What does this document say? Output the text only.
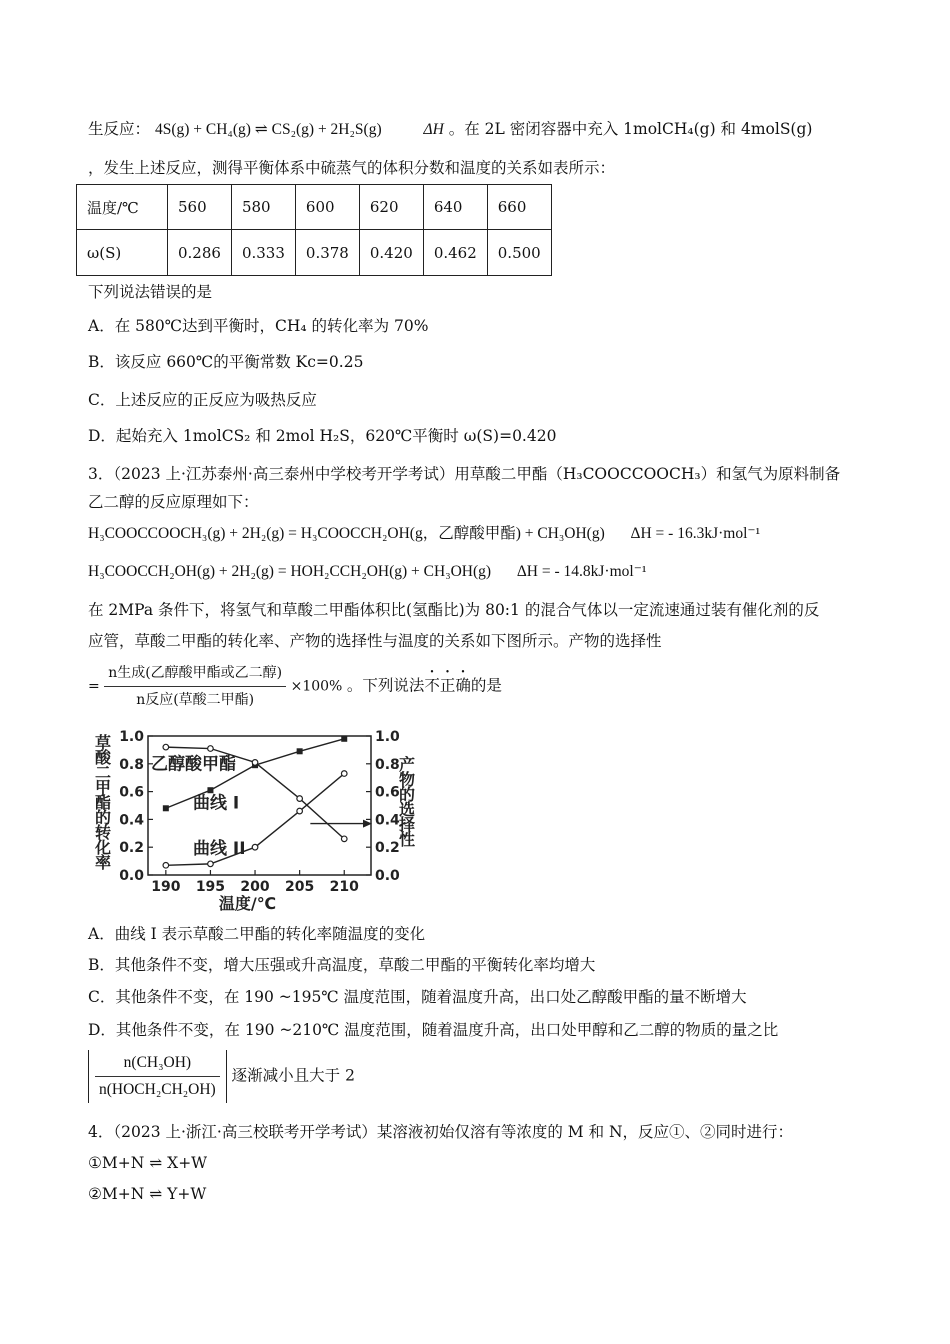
生反应： 4S(g) + CH₄(g) ⇌ CS₂(g) + 2H₂S(g)	ΔH 。在 2L 密闭容器中充入 1molCH₄(g) 和 4molS(g)
，发生上述反应，测得平衡体系中硫蒸气的体积分数和温度的关系如表所示：
温度/℃	560	580	600	620	640	660
ω(S)	0.286	0.333	0.378	0.420	0.462	0.500
下列说法错误的是
A．在 580℃达到平衡时，CH₄ 的转化率为 70%
B．该反应 660℃的平衡常数 Kc=0.25
C．上述反应的正反应为吸热反应
D．起始充入 1molCS₂ 和 2mol H₂S，620℃平衡时 ω(S)=0.420
3．（2023 上·江苏泰州·高三泰州中学校考开学考试）用草酸二甲酯（H₃COOCCOOCH₃）和氢气为原料制备
乙二醇的反应原理如下：
H₃COOCCOOCH₃(g) + 2H₂(g) = H₃COOCCH₂OH(g，乙醇酸甲酯) + CH₃OH(g) ΔH = - 16.3kJ·mol⁻¹
H₃COOCCH₂OH(g) + 2H₂(g) = HOH₂CCH₂OH(g) + CH₃OH(g) ΔH = - 14.8kJ·mol⁻¹
在 2MPa 条件下，将氢气和草酸二甲酯体积比(氢酯比)为 80:1 的混合气体以一定流速通过装有催化剂的反
应管，草酸二甲酯的转化率、产物的选择性与温度的关系如下图所示。产物的选择性
= $\frac{\text{n生成(乙醇酸甲酯或乙二醇)}}{\text{n反应(草酸二甲酯)}} \times 100\%$ 。下列说法不正确的是
0.0	0.0
0.2	0.2
0.4	0.4
0.6	0.6
0.8	0.8
1.0	1.0
190 195 200 205 210
温度/℃
草酸二甲酯的转化率	产物的选择性
乙醇酸甲酯
曲线 I
曲线 II
A．曲线 I 表示草酸二甲酯的转化率随温度的变化
B．其他条件不变，增大压强或升高温度，草酸二甲酯的平衡转化率均增大
C．其他条件不变，在 190 ~195℃ 温度范围，随着温度升高，出口处乙醇酸甲酯的量不断增大
D．其他条件不变，在 190 ~210℃ 温度范围，随着温度升高，出口处甲醇和乙二醇的物质的量之比
$\frac{\text{n(CH₃OH)}}{\text{n(HOCH₂CH₂OH)}}$ 逐渐减小且大于 2
4．（2023 上·浙江·高三校联考开学考试）某溶液初始仅溶有等浓度的 M 和 N，反应①、②同时进行：
①M+N ⇌ X+W
②M+N ⇌ Y+W
